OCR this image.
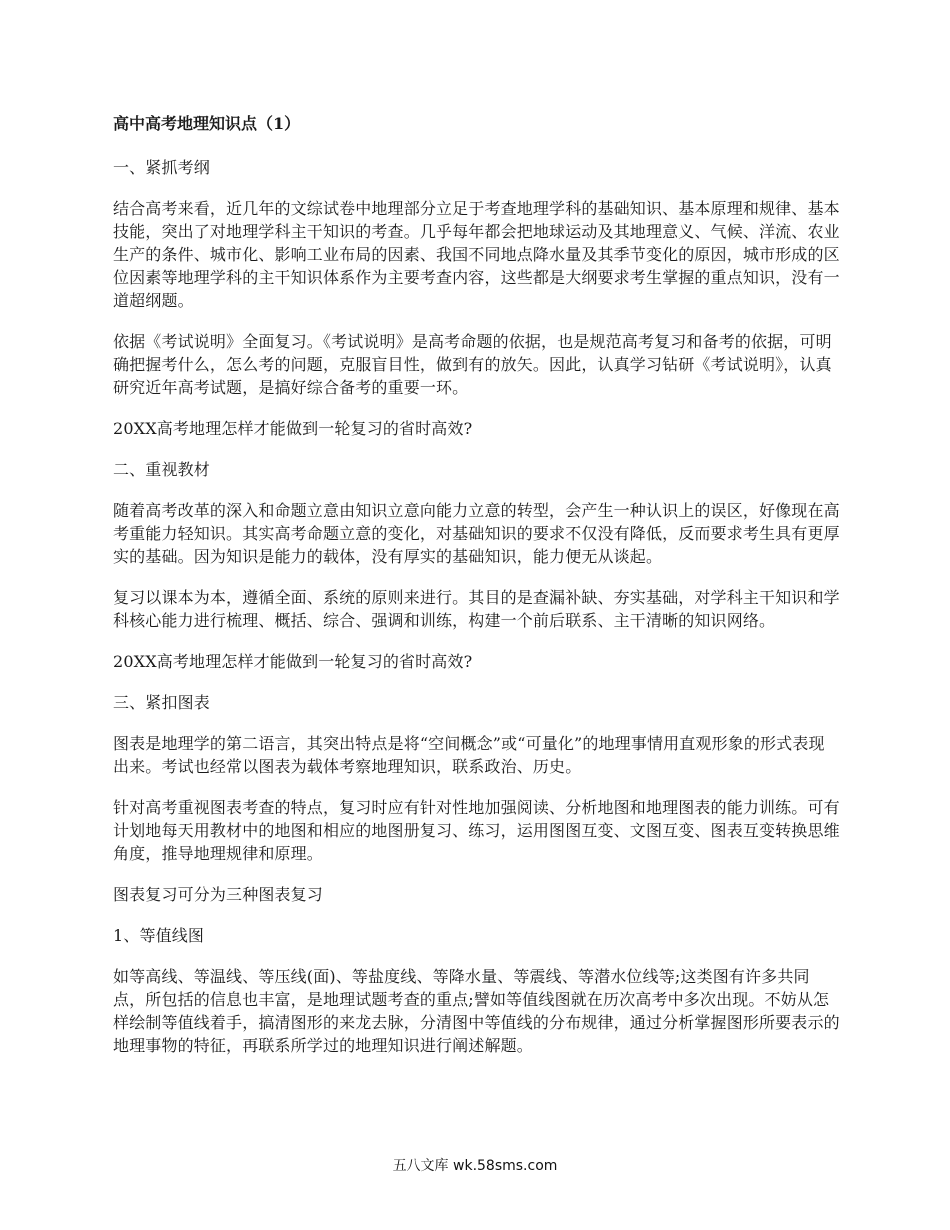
高中高考地理知识点（1）

一、紧抓考纲

结合高考来看，近几年的文综试卷中地理部分立足于考查地理学科的基础知识、基本原理和规律、基本技能，突出了对地理学科主干知识的考查。几乎每年都会把地球运动及其地理意义、气候、洋流、农业生产的条件、城市化、影响工业布局的因素、我国不同地点降水量及其季节变化的原因，城市形成的区位因素等地理学科的主干知识体系作为主要考查内容，这些都是大纲要求考生掌握的重点知识，没有一道超纲题。

依据《考试说明》全面复习。《考试说明》是高考命题的依据，也是规范高考复习和备考的依据，可明确把握考什么，怎么考的问题，克服盲目性，做到有的放矢。因此，认真学习钻研《考试说明》，认真研究近年高考试题，是搞好综合备考的重要一环。

20XX高考地理怎样才能做到一轮复习的省时高效?

二、重视教材

随着高考改革的深入和命题立意由知识立意向能力立意的转型，会产生一种认识上的误区，好像现在高考重能力轻知识。其实高考命题立意的变化，对基础知识的要求不仅没有降低，反而要求考生具有更厚实的基础。因为知识是能力的载体，没有厚实的基础知识，能力便无从谈起。

复习以课本为本，遵循全面、系统的原则来进行。其目的是查漏补缺、夯实基础，对学科主干知识和学科核心能力进行梳理、概括、综合、强调和训练，构建一个前后联系、主干清晰的知识网络。

20XX高考地理怎样才能做到一轮复习的省时高效?

三、紧扣图表

图表是地理学的第二语言，其突出特点是将“空间概念”或“可量化”的地理事情用直观形象的形式表现出来。考试也经常以图表为载体考察地理知识，联系政治、历史。

针对高考重视图表考查的特点，复习时应有针对性地加强阅读、分析地图和地理图表的能力训练。可有计划地每天用教材中的地图和相应的地图册复习、练习，运用图图互变、文图互变、图表互变转换思维角度，推导地理规律和原理。

图表复习可分为三种图表复习

1、等值线图

如等高线、等温线、等压线(面)、等盐度线、等降水量、等震线、等潜水位线等;这类图有许多共同点，所包括的信息也丰富，是地理试题考查的重点;譬如等值线图就在历次高考中多次出现。不妨从怎样绘制等值线着手，搞清图形的来龙去脉，分清图中等值线的分布规律，通过分析掌握图形所要表示的地理事物的特征，再联系所学过的地理知识进行阐述解题。

五八文库 wk.58sms.com
